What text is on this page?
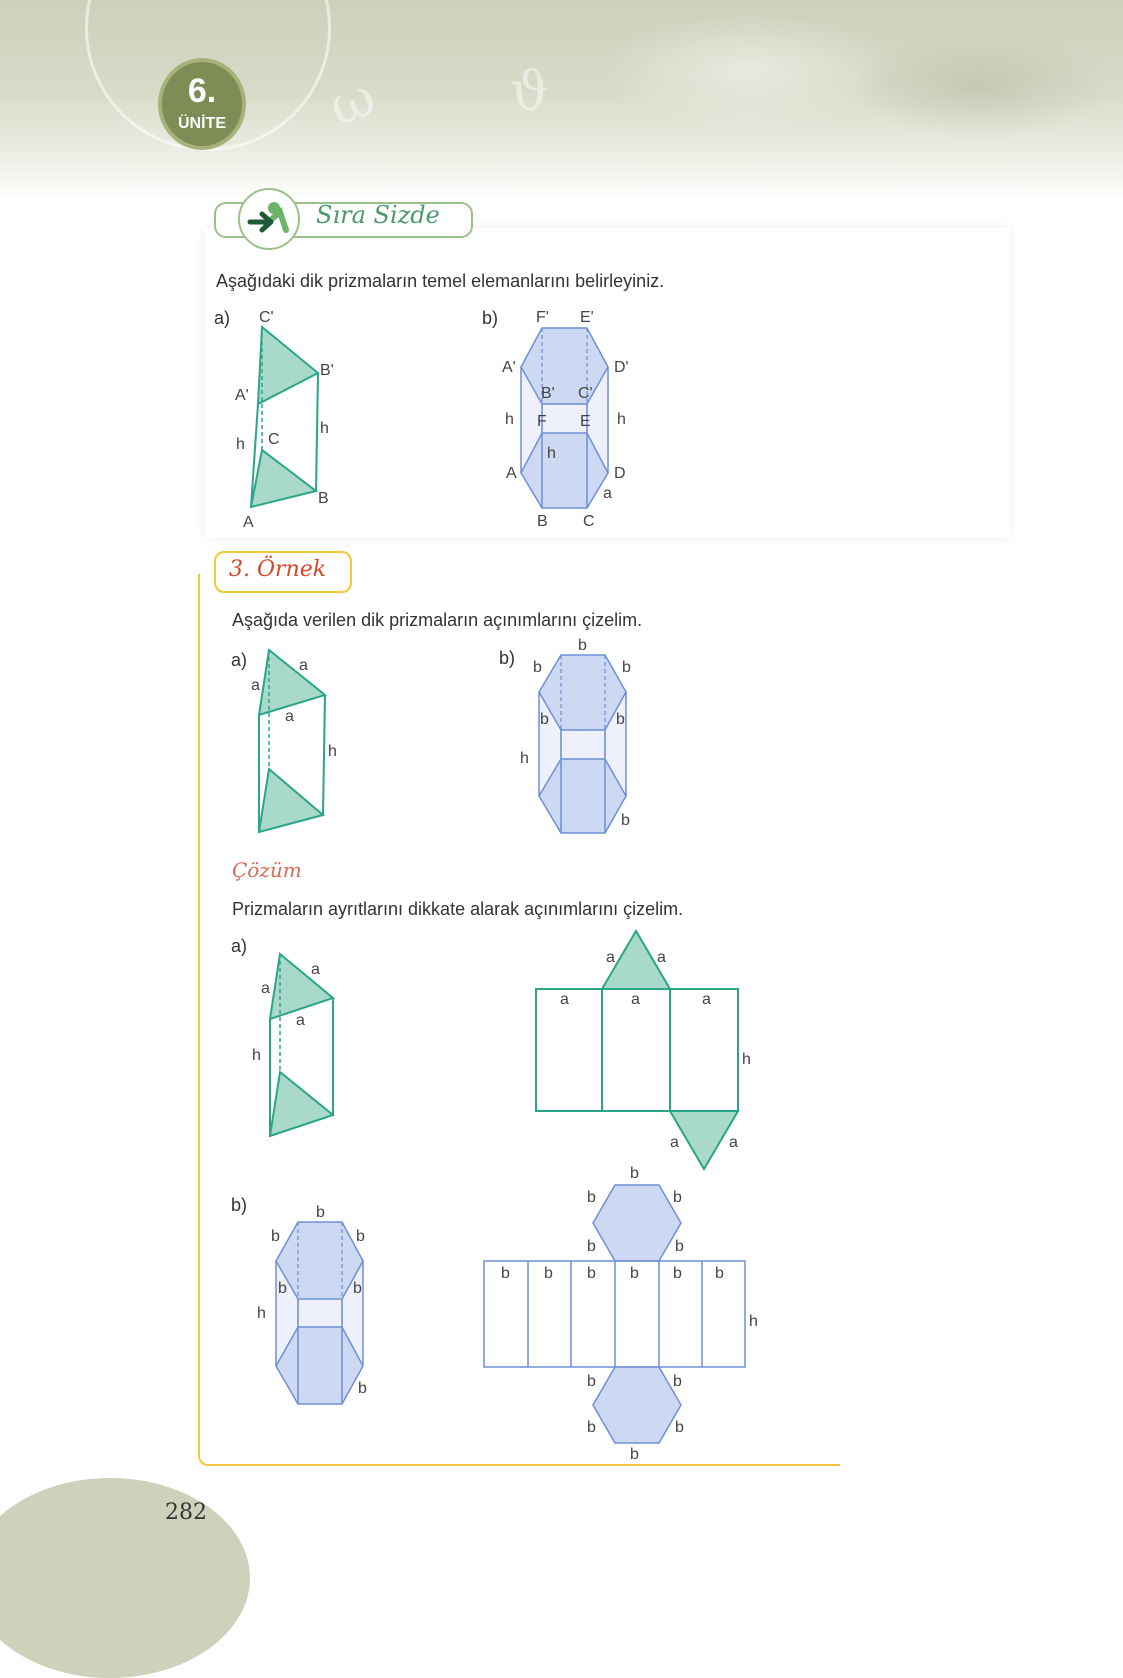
ω ϑ
6.
ÜNİTE
Sıra Sizde
Aşağıdaki dik prizmaların temel elemanlarını belirleyiniz.
3. Örnek
Aşağıda verilen dik prizmaların açınımlarını çizelim.
Çözüm
Prizmaların ayrıtlarını dikkate alarak açınımlarını çizelim.
a)	b)
a)	b)
a)
b)
C'
B'
A'
C
A
B
h
h
F' E'
A'	D'
B' C'
F E
A	D
B C
h	h
h
a
a
a
a
h
b
b	b
b	b
h
b
a
a
a
h
a	a
a	a	a
h
a	a
b
b	b
b	b
h
b
b
b	b
b	b
b b b b b b
h
b	b
b	b
b
282
